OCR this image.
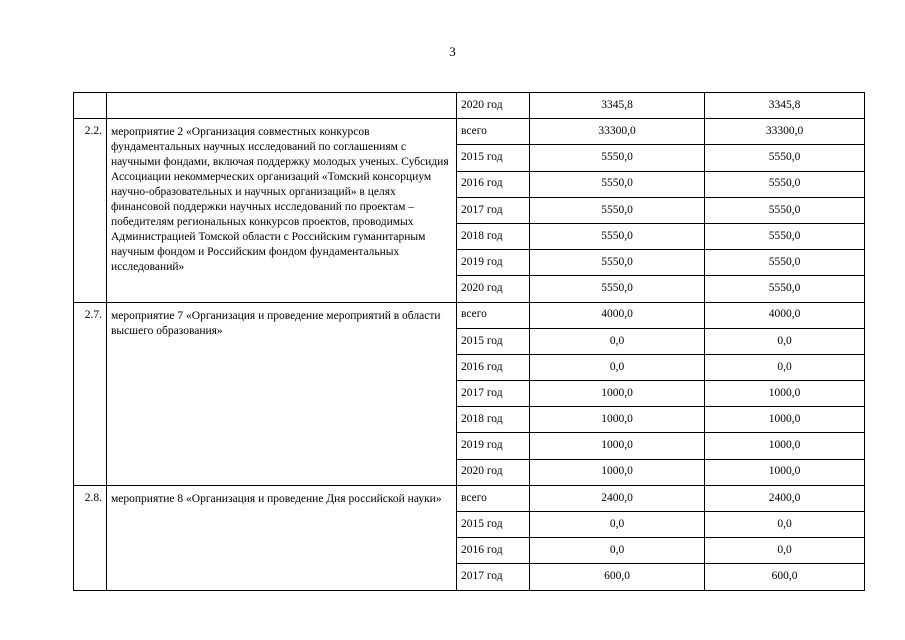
3
		2020 год	3345,8	3345,8
2.2.	мероприятие 2 «Организация совместных конкурсов фундаментальных научных исследований по соглашениям с научными фондами, включая поддержку молодых ученых. Субсидия Ассоциации некоммерческих организаций «Томский консорциум научно-образовательных и научных организаций» в целях финансовой поддержки научных исследований по проектам – победителям региональных конкурсов проектов, проводимых Администрацией Томской области с Российским гуманитарным научным фондом и Российским фондом фундаментальных исследований»	всего	33300,0	33300,0
		2015 год	5550,0	5550,0
		2016 год	5550,0	5550,0
		2017 год	5550,0	5550,0
		2018 год	5550,0	5550,0
		2019 год	5550,0	5550,0
		2020 год	5550,0	5550,0
2.7.	мероприятие 7 «Организация и проведение мероприятий в области высшего образования»	всего	4000,0	4000,0
		2015 год	0,0	0,0
		2016 год	0,0	0,0
		2017 год	1000,0	1000,0
		2018 год	1000,0	1000,0
		2019 год	1000,0	1000,0
		2020 год	1000,0	1000,0
2.8.	мероприятие 8 «Организация и проведение Дня российской науки»	всего	2400,0	2400,0
		2015 год	0,0	0,0
		2016 год	0,0	0,0
		2017 год	600,0	600,0
